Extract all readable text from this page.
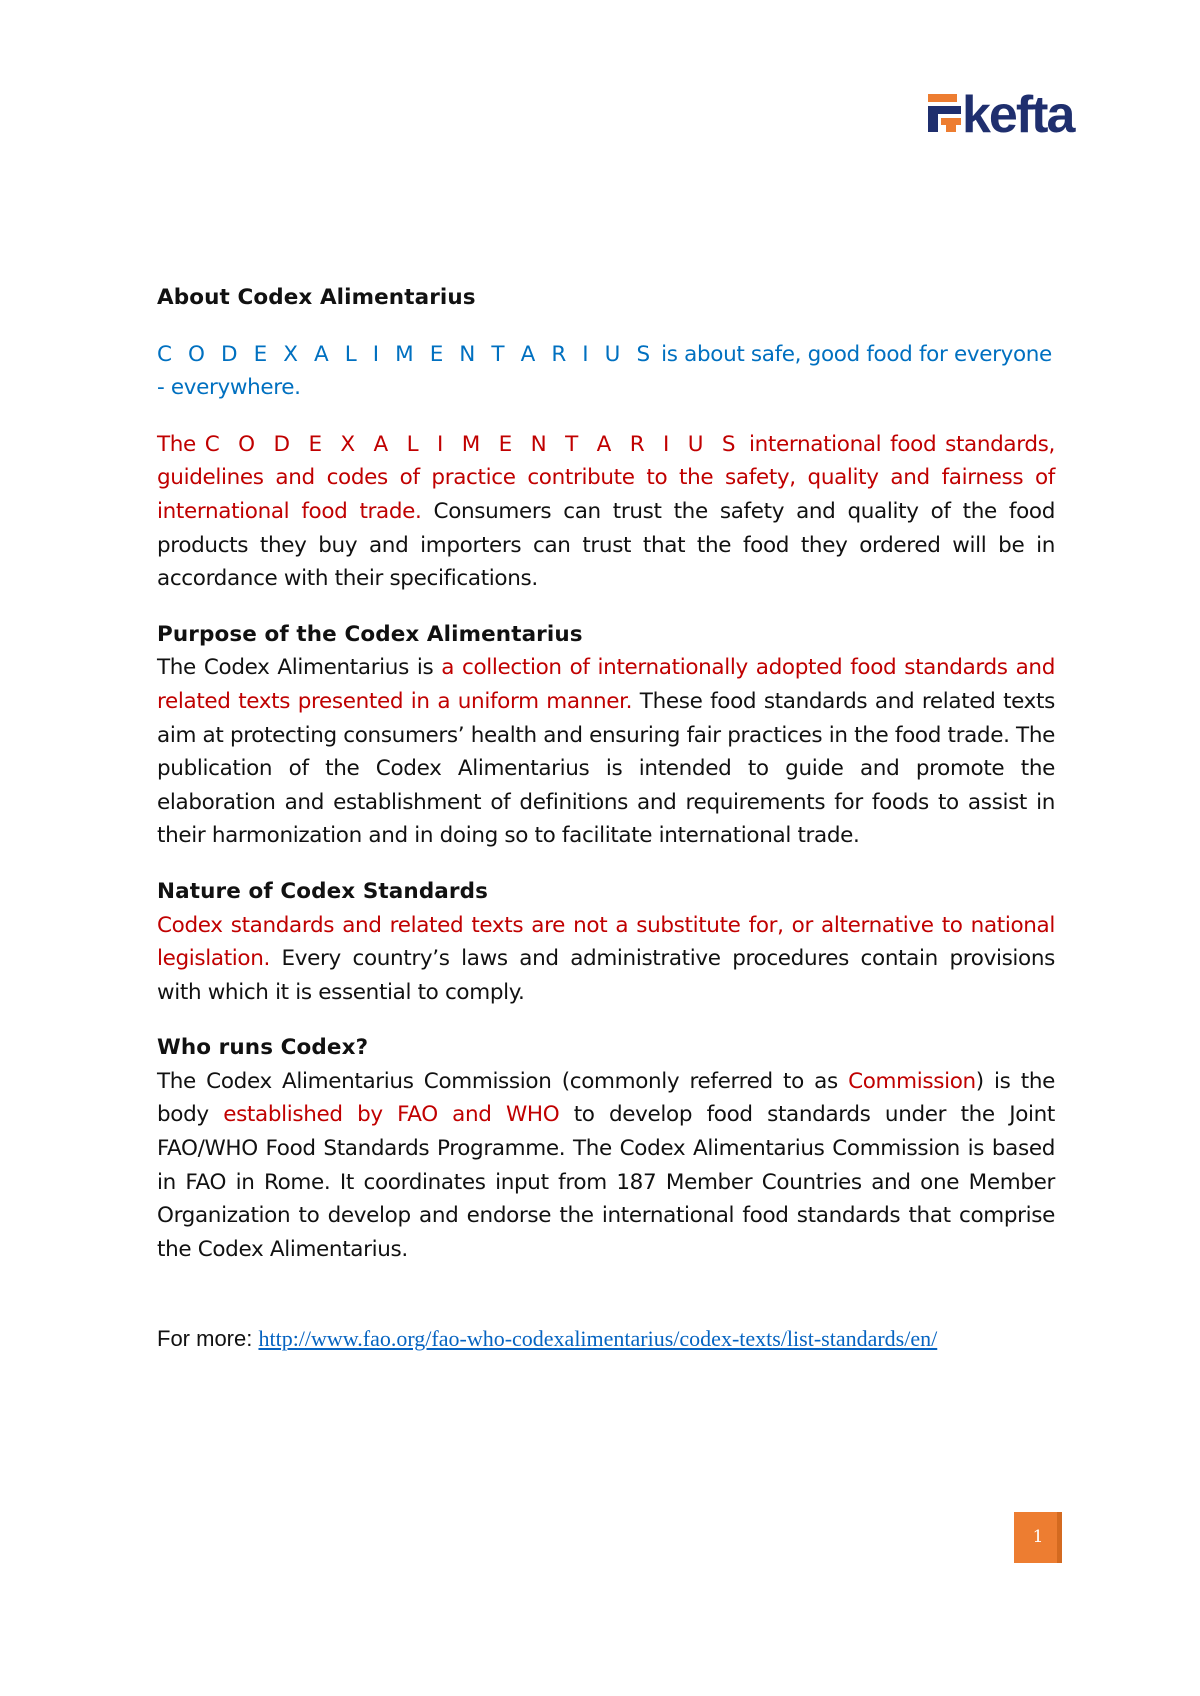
kefta

About Codex Alimentarius

C O D E X A L I M E N T A R I U S is about safe, good food for everyone - everywhere.

The C O D E X A L I M E N T A R I U S international food standards, guidelines and codes of practice contribute to the safety, quality and fairness of international food trade. Consumers can trust the safety and quality of the food products they buy and importers can trust that the food they ordered will be in accordance with their specifications.

Purpose of the Codex Alimentarius

The Codex Alimentarius is a collection of internationally adopted food standards and related texts presented in a uniform manner. These food standards and related texts aim at protecting consumers’ health and ensuring fair practices in the food trade. The publication of the Codex Alimentarius is intended to guide and promote the elaboration and establishment of definitions and requirements for foods to assist in their harmonization and in doing so to facilitate international trade.

Nature of Codex Standards

Codex standards and related texts are not a substitute for, or alternative to national legislation. Every country’s laws and administrative procedures contain provisions with which it is essential to comply.

Who runs Codex?

The Codex Alimentarius Commission (commonly referred to as Commission) is the body established by FAO and WHO to develop food standards under the Joint FAO/WHO Food Standards Programme. The Codex Alimentarius Commission is based in FAO in Rome. It coordinates input from 187 Member Countries and one Member Organization to develop and endorse the international food standards that comprise the Codex Alimentarius.

For more: http://www.fao.org/fao-who-codexalimentarius/codex-texts/list-standards/en/
1
